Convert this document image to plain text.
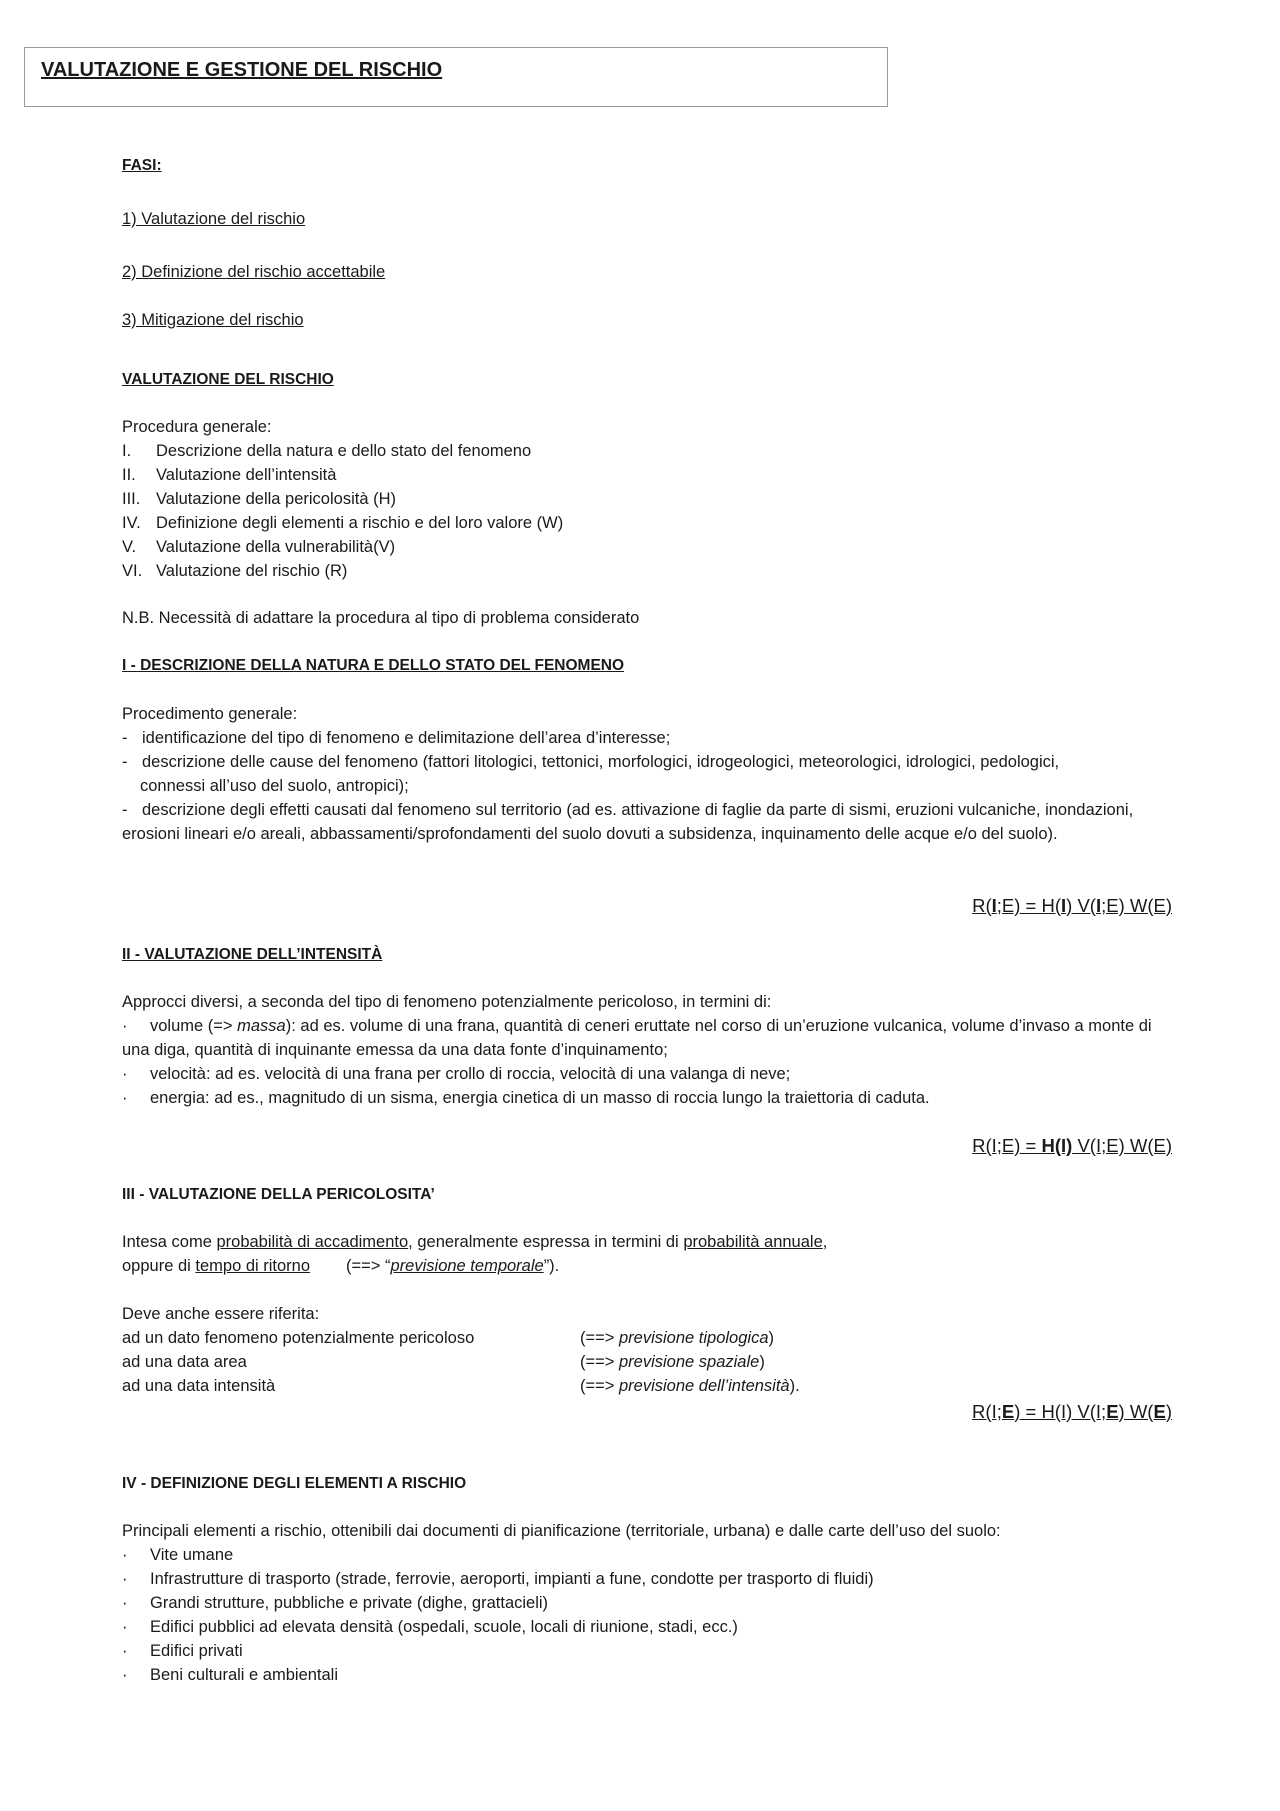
VALUTAZIONE E GESTIONE DEL RISCHIO

FASI:

1) Valutazione del rischio

2) Definizione del rischio accettabile

3) Mitigazione del rischio

VALUTAZIONE DEL RISCHIO

Procedura generale:

I. Descrizione della natura e dello stato del fenomeno
II. Valutazione dell’intensità
III. Valutazione della pericolosità (H)
IV. Definizione degli elementi a rischio e del loro valore (W)
V. Valutazione della vulnerabilità(V)
VI. Valutazione del rischio (R)

N.B. Necessità di adattare la procedura al tipo di problema considerato

I - DESCRIZIONE DELLA NATURA E DELLO STATO DEL FENOMENO

Procedimento generale:

- identificazione del tipo di fenomeno e delimitazione dell’area d’interesse;
- descrizione delle cause del fenomeno (fattori litologici, tettonici, morfologici, idrogeologici, meteorologici, idrologici, pedologici,
connessi all’uso del suolo, antropici);
- descrizione degli effetti causati dal fenomeno sul territorio (ad es. attivazione di faglie da parte di sismi, eruzioni vulcaniche, inondazioni, erosioni lineari e/o areali, abbassamenti/sprofondamenti del suolo dovuti a subsidenza, inquinamento delle acque e/o del suolo).
R(I;E) = H(I) V(I;E) W(E)

II - VALUTAZIONE DELL’INTENSITÀ

Approcci diversi, a seconda del tipo di fenomeno potenzialmente pericoloso, in termini di:

· volume (=> massa): ad es. volume di una frana, quantità di ceneri eruttate nel corso di un’eruzione vulcanica, volume d’invaso a monte di una diga, quantità di inquinante emessa da una data fonte d’inquinamento;
· velocità: ad es. velocità di una frana per crollo di roccia, velocità di una valanga di neve;
· energia: ad es., magnitudo di un sisma, energia cinetica di un masso di roccia lungo la traiettoria di caduta.
R(I;E) = H(I) V(I;E) W(E)

III - VALUTAZIONE DELLA PERICOLOSITA’

Intesa come probabilità di accadimento, generalmente espressa in termini di probabilità annuale,

oppure di tempo di ritorno (==> “previsione temporale”).

Deve anche essere riferita:

ad un dato fenomeno potenzialmente pericoloso	(==> previsione tipologica)
ad una data area	(==> previsione spaziale)
ad una data intensità	(==> previsione dell’intensità).
R(I;E) = H(I) V(I;E) W(E)

IV - DEFINIZIONE DEGLI ELEMENTI A RISCHIO

Principali elementi a rischio, ottenibili dai documenti di pianificazione (territoriale, urbana) e dalle carte dell’uso del suolo:

· Vite umane
· Infrastrutture di trasporto (strade, ferrovie, aeroporti, impianti a fune, condotte per trasporto di fluidi)
· Grandi strutture, pubbliche e private (dighe, grattacieli)
· Edifici pubblici ad elevata densità (ospedali, scuole, locali di riunione, stadi, ecc.)
· Edifici privati
· Beni culturali e ambientali
